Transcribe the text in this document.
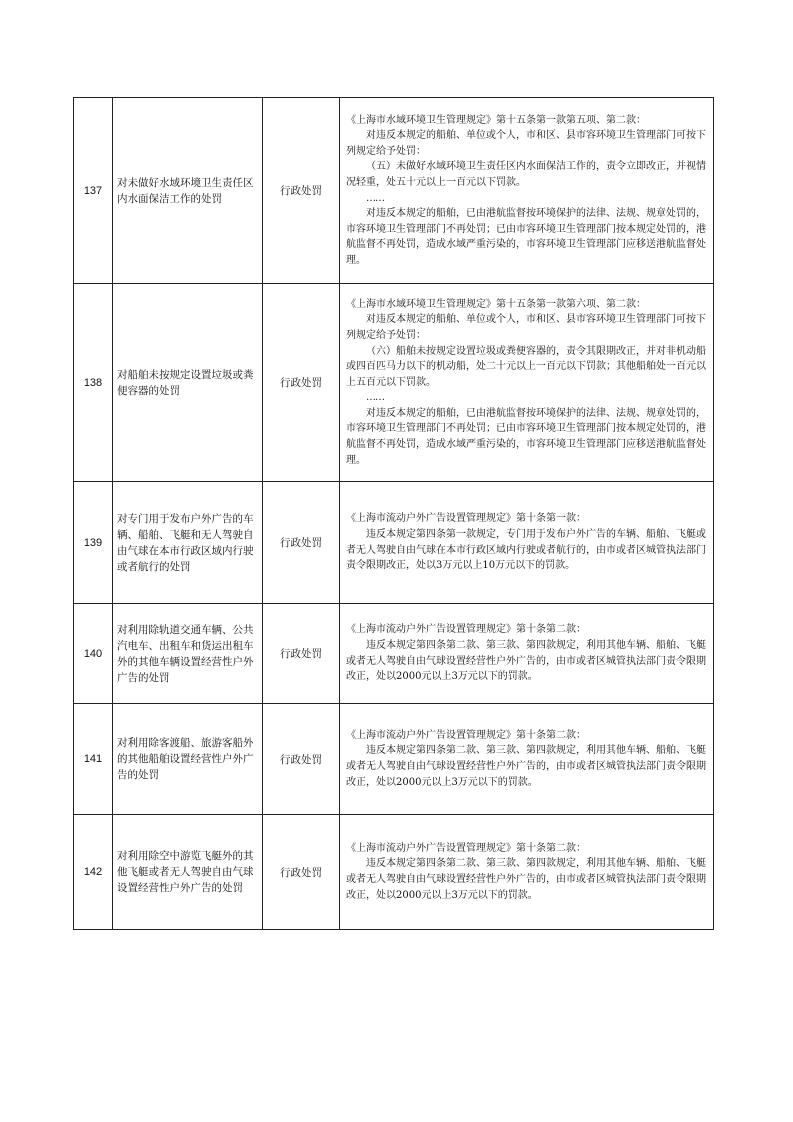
137	对未做好水域环境卫生责任区内水面保洁工作的处罚	行政处罚	《上海市水域环境卫生管理规定》第十五条第一款第五项、第二款：
对违反本规定的船舶、单位或个人，市和区、县市容环境卫生管理部门可按下列规定给予处罚：
（五）未做好水域环境卫生责任区内水面保洁工作的，责令立即改正，并视情况轻重，处五十元以上一百元以下罚款。
……
对违反本规定的船舶，已由港航监督按环境保护的法律、法规、规章处罚的，市容环境卫生管理部门不再处罚；已由市容环境卫生管理部门按本规定处罚的，港航监督不再处罚，造成水域严重污染的，市容环境卫生管理部门应移送港航监督处理。

138	对船舶未按规定设置垃圾或粪便容器的处罚	行政处罚	《上海市水域环境卫生管理规定》第十五条第一款第六项、第二款：
对违反本规定的船舶、单位或个人，市和区、县市容环境卫生管理部门可按下列规定给予处罚：
（六）船舶未按规定设置垃圾或粪便容器的，责令其限期改正，并对非机动船或四百匹马力以下的机动船，处二十元以上一百元以下罚款；其他船舶处一百元以上五百元以下罚款。
……
对违反本规定的船舶，已由港航监督按环境保护的法律、法规、规章处罚的，市容环境卫生管理部门不再处罚；已由市容环境卫生管理部门按本规定处罚的，港航监督不再处罚，造成水域严重污染的，市容环境卫生管理部门应移送港航监督处理。

139	对专门用于发布户外广告的车辆、船舶、飞艇和无人驾驶自由气球在本市行政区域内行驶或者航行的处罚	行政处罚	《上海市流动户外广告设置管理规定》第十条第一款：
违反本规定第四条第一款规定，专门用于发布户外广告的车辆、船舶、飞艇或者无人驾驶自由气球在本市行政区域内行驶或者航行的，由市或者区城管执法部门责令限期改正，处以3万元以上10万元以下的罚款。

140	对利用除轨道交通车辆、公共汽电车、出租车和货运出租车外的其他车辆设置经营性户外广告的处罚	行政处罚	《上海市流动户外广告设置管理规定》第十条第二款：
违反本规定第四条第二款、第三款、第四款规定，利用其他车辆、船舶、飞艇或者无人驾驶自由气球设置经营性户外广告的，由市或者区城管执法部门责令限期改正，处以2000元以上3万元以下的罚款。

141	对利用除客渡船、旅游客船外的其他船舶设置经营性户外广告的处罚	行政处罚	《上海市流动户外广告设置管理规定》第十条第二款：
违反本规定第四条第二款、第三款、第四款规定，利用其他车辆、船舶、飞艇或者无人驾驶自由气球设置经营性户外广告的，由市或者区城管执法部门责令限期改正，处以2000元以上3万元以下的罚款。

142	对利用除空中游览飞艇外的其他飞艇或者无人驾驶自由气球设置经营性户外广告的处罚	行政处罚	《上海市流动户外广告设置管理规定》第十条第二款：
违反本规定第四条第二款、第三款、第四款规定，利用其他车辆、船舶、飞艇或者无人驾驶自由气球设置经营性户外广告的，由市或者区城管执法部门责令限期改正，处以2000元以上3万元以下的罚款。
